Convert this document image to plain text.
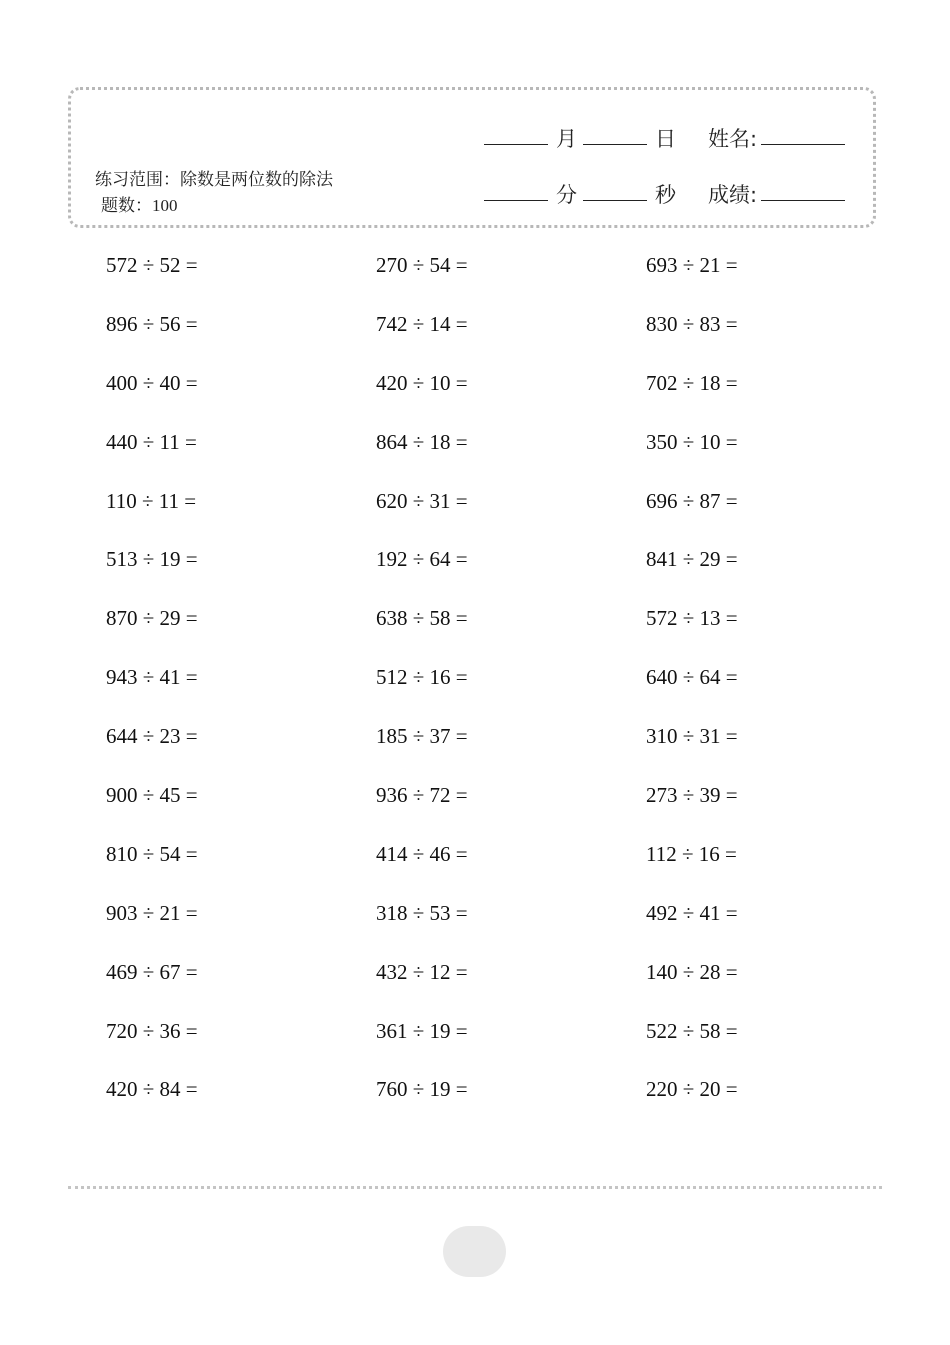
练习范围：除数是两位数的除法
题数：100
月	日 姓名:
分	秒 成绩:
572 ÷ 52 =	270 ÷ 54 =	693 ÷ 21 =
896 ÷ 56 =	742 ÷ 14 =	830 ÷ 83 =
400 ÷ 40 =	420 ÷ 10 =	702 ÷ 18 =
440 ÷ 11 =	864 ÷ 18 =	350 ÷ 10 =
110 ÷ 11 =	620 ÷ 31 =	696 ÷ 87 =
513 ÷ 19 =	192 ÷ 64 =	841 ÷ 29 =
870 ÷ 29 =	638 ÷ 58 =	572 ÷ 13 =
943 ÷ 41 =	512 ÷ 16 =	640 ÷ 64 =
644 ÷ 23 =	185 ÷ 37 =	310 ÷ 31 =
900 ÷ 45 =	936 ÷ 72 =	273 ÷ 39 =
810 ÷ 54 =	414 ÷ 46 =	112 ÷ 16 =
903 ÷ 21 =	318 ÷ 53 =	492 ÷ 41 =
469 ÷ 67 =	432 ÷ 12 =	140 ÷ 28 =
720 ÷ 36 =	361 ÷ 19 =	522 ÷ 58 =
420 ÷ 84 =	760 ÷ 19 =	220 ÷ 20 =
